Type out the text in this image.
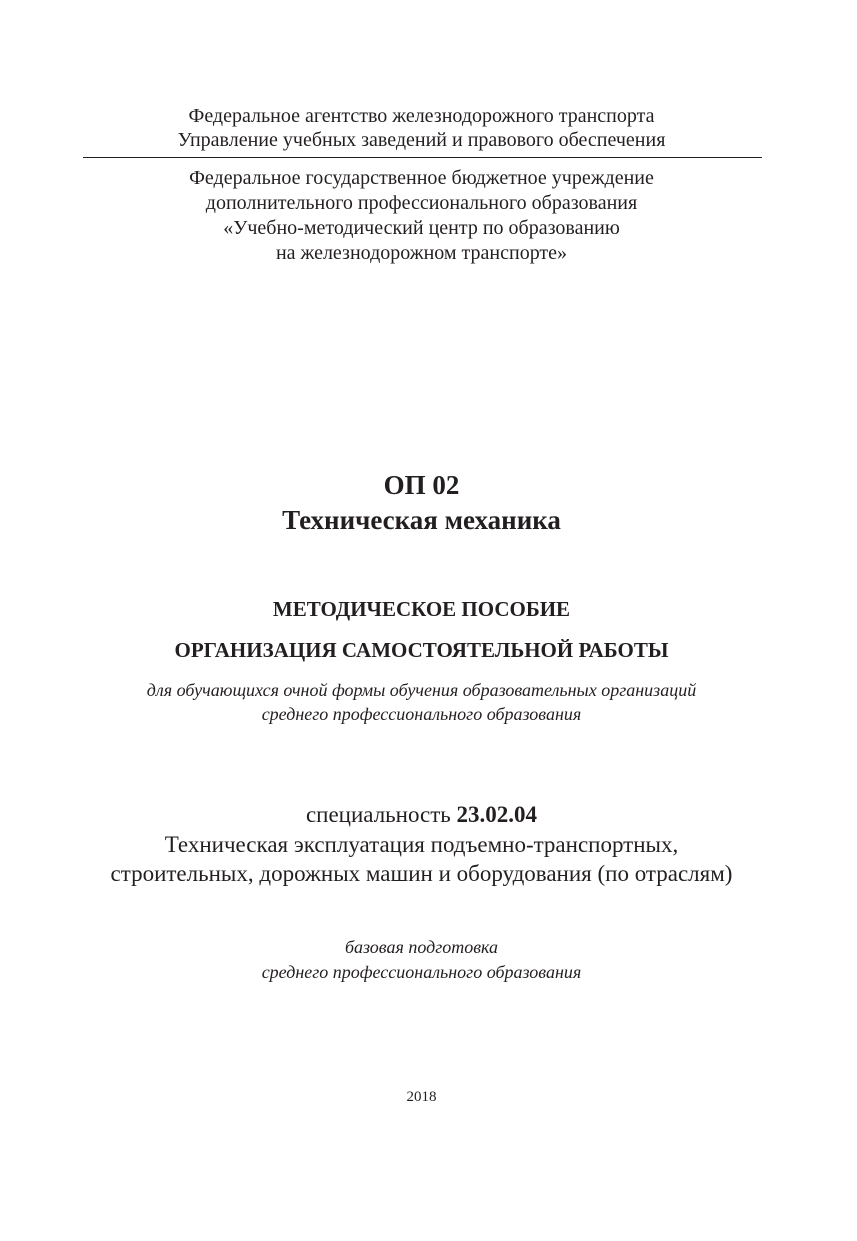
Федеральное агентство железнодорожного транспорта
Управление учебных заведений и правового обеспечения
Федеральное государственное бюджетное учреждение
дополнительного профессионального образования
«Учебно-методический центр по образованию
на железнодорожном транспорте»
ОП 02
Техническая механика
МЕТОДИЧЕСКОЕ ПОСОБИЕ
ОРГАНИЗАЦИЯ САМОСТОЯТЕЛЬНОЙ РАБОТЫ
для обучающихся очной формы обучения образовательных организаций
среднего профессионального образования
специальность 23.02.04
Техническая эксплуатация подъемно-транспортных,
строительных, дорожных машин и оборудования (по отраслям)
базовая подготовка
среднего профессионального образования
2018
